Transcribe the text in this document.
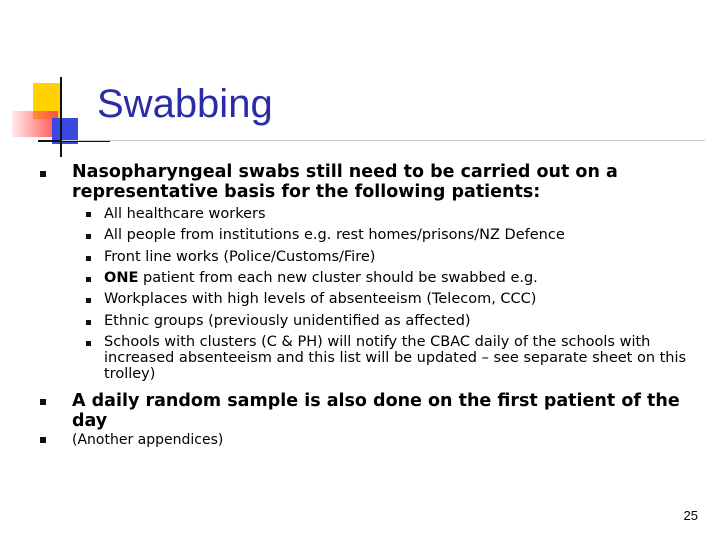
Swabbing

Nasopharyngeal swabs still need to be carried out on a representative basis for the following patients:

All healthcare workers

All people from institutions e.g. rest homes/prisons/NZ Defence

Front line works (Police/Customs/Fire)

ONE patient from each new cluster should be swabbed e.g.

Workplaces with high levels of absenteeism (Telecom, CCC)

Ethnic groups (previously unidentified as affected)

Schools with clusters (C & PH) will notify the CBAC daily of the schools with increased absenteeism and this list will be updated – see separate sheet on this trolley)

A daily random sample is also done on the first patient of the day

(Another appendices)

25
